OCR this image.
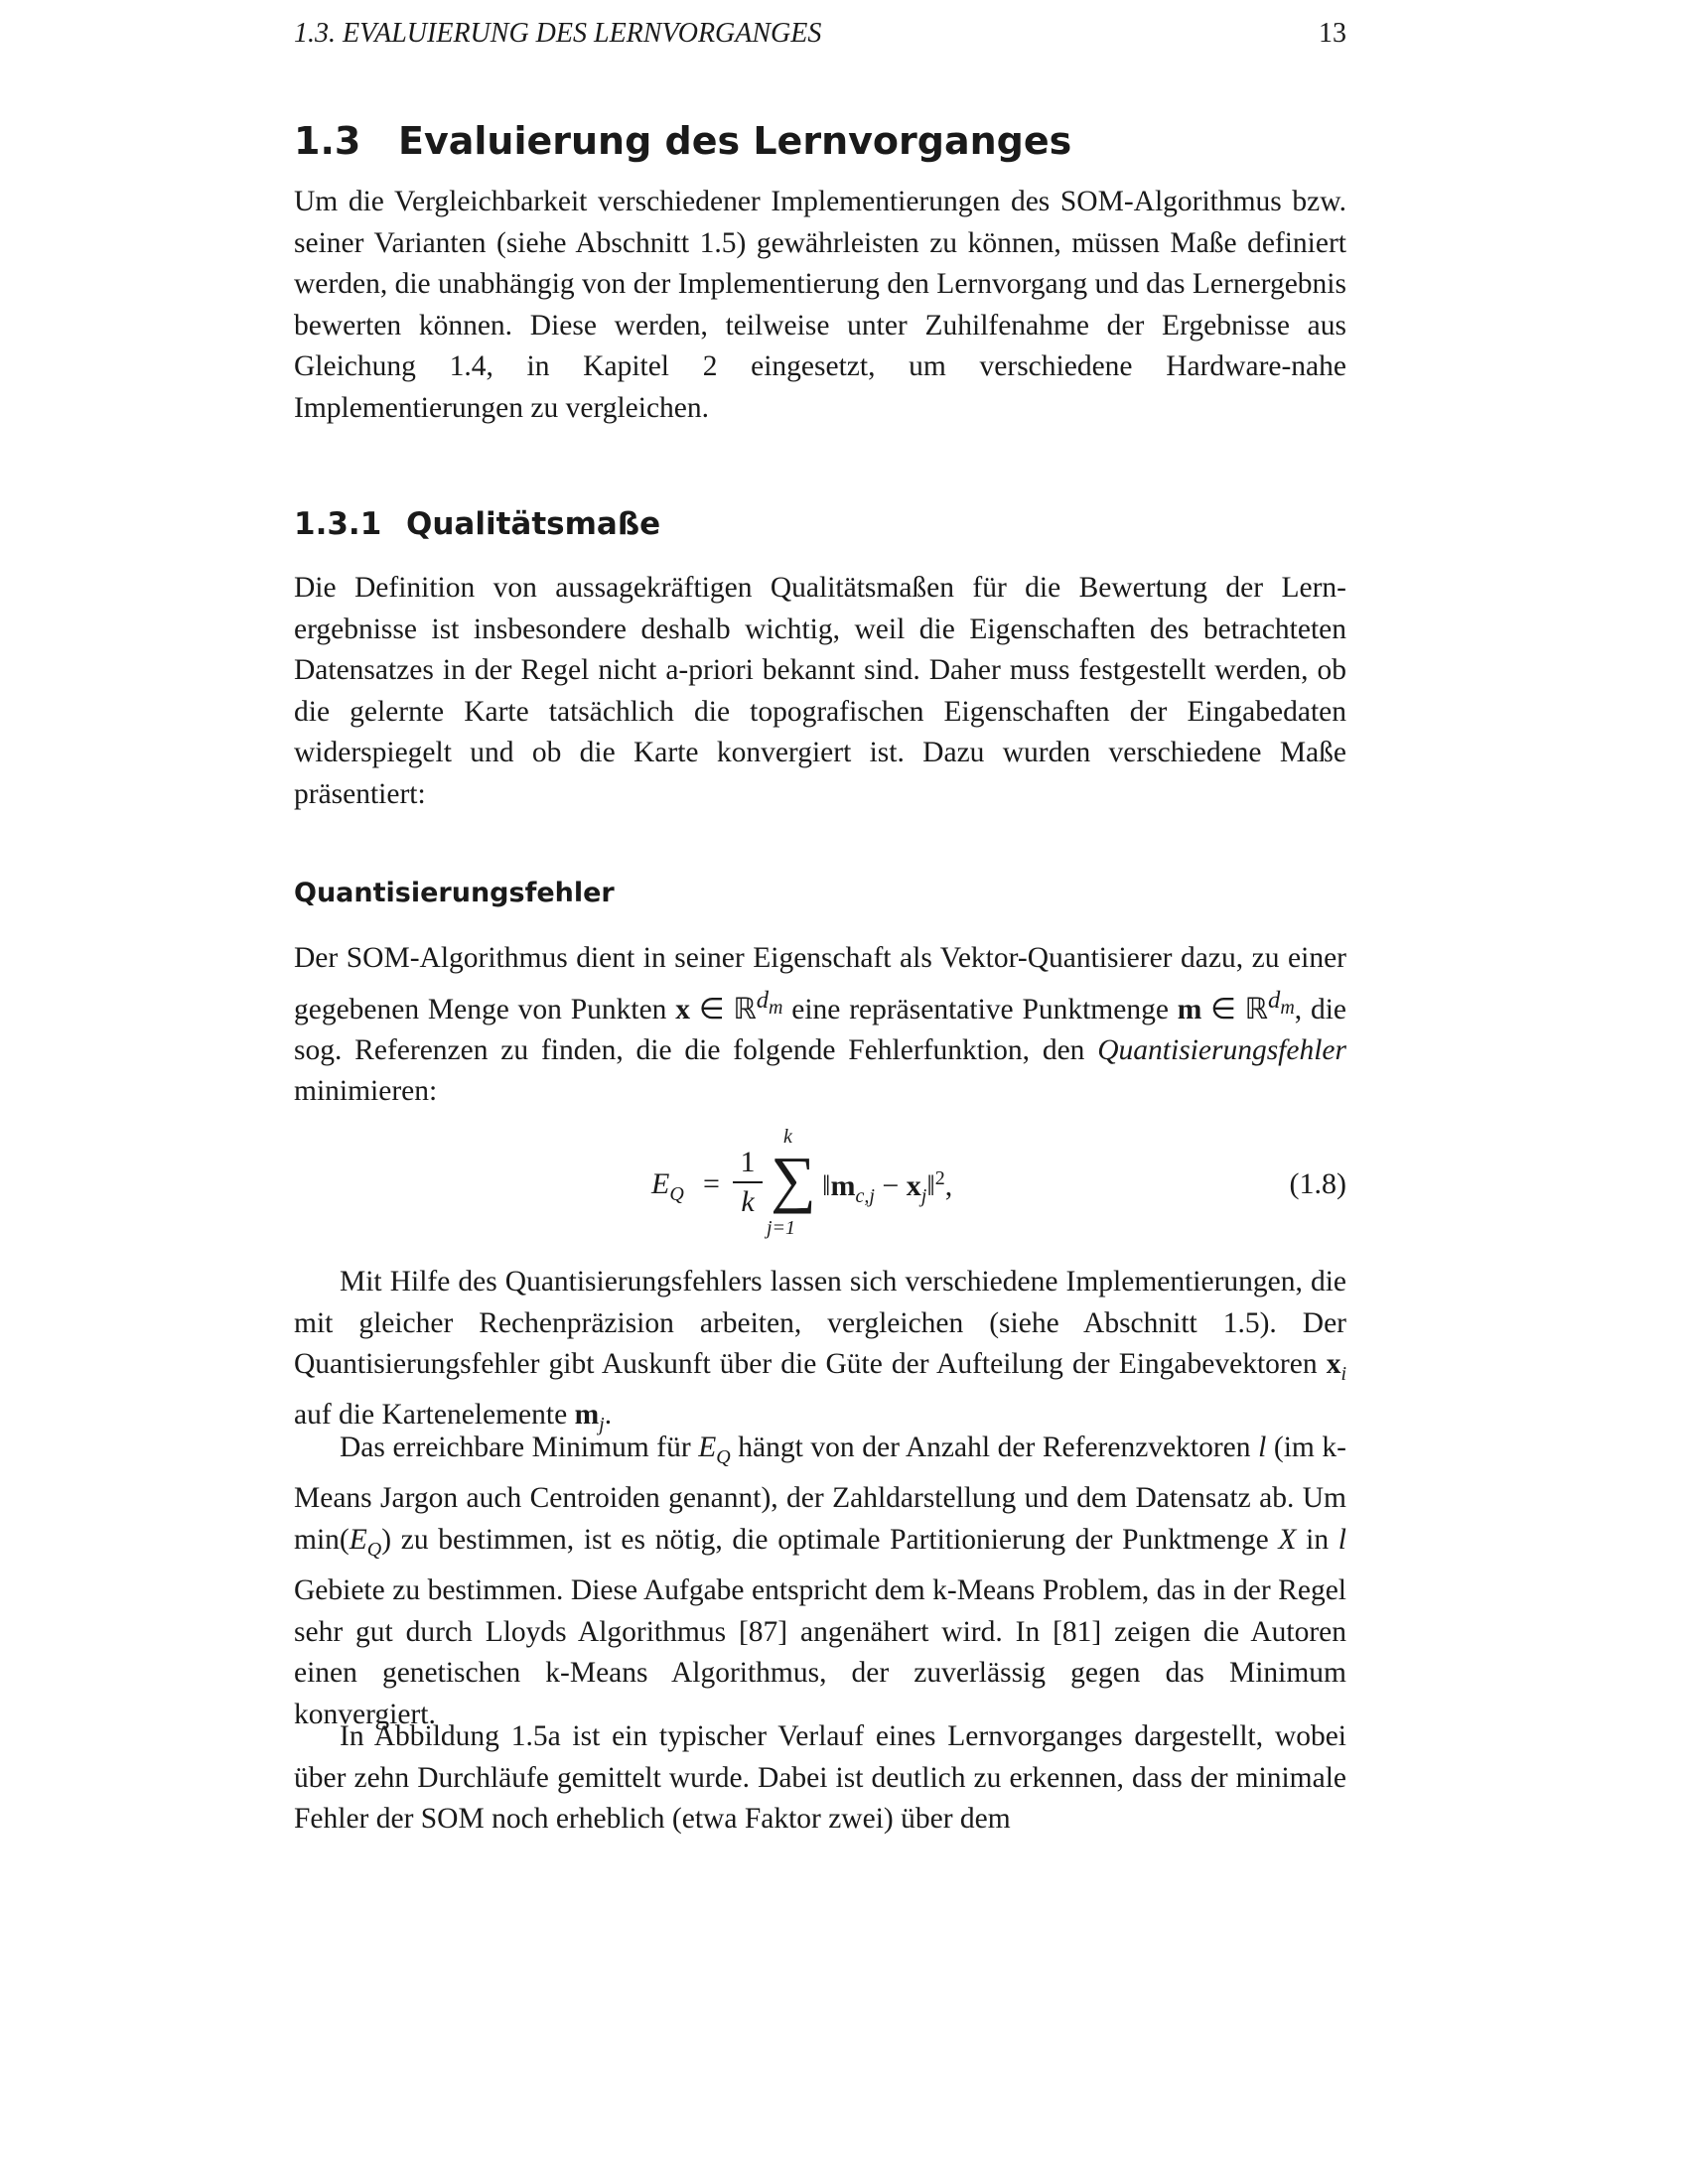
1.3. EVALUIERUNG DES LERNVORGANGES	13
1.3 Evaluierung des Lernvorganges

Um die Vergleichbarkeit verschiedener Implementierungen des SOM-Algorithmus bzw. seiner Varianten (siehe Abschnitt 1.5) gewährleisten zu können, müssen Maße definiert werden, die unabhängig von der Implementierung den Lernvorgang und das Lernergebnis bewerten können. Diese werden, teilweise unter Zuhilfenahme der Ergebnisse aus Gleichung 1.4, in Kapitel 2 eingesetzt, um verschiedene Hardware-nahe Implementierungen zu vergleichen.

1.3.1 Qualitätsmaße

Die Definition von aussagekräftigen Qualitätsmaßen für die Bewertung der Lernergebnisse ist insbesondere deshalb wichtig, weil die Eigenschaften des betrachteten Datensatzes in der Regel nicht a-priori bekannt sind. Daher muss festgestellt werden, ob die gelernte Karte tatsächlich die topografischen Eigenschaften der Eingabedaten widerspiegelt und ob die Karte konvergiert ist. Dazu wurden verschiedene Maße präsentiert:

Quantisierungsfehler

Der SOM-Algorithmus dient in seiner Eigenschaft als Vektor-Quantisierer dazu, zu einer gegebenen Menge von Punkten x ∈ ℝ$^{d_m}$ eine repräsentative Punktmenge m ∈ ℝ$^{d_m}$, die sog. Referenzen zu finden, die die folgende Fehlerfunktion, den Quantisierungsfehler minimieren:

$E_Q$ =
1
k
k
∑
j=1
$‖m_{c,j}$ − $x_j‖^2$,	(1.8)

Mit Hilfe des Quantisierungsfehlers lassen sich verschiedene Implementierungen, die mit gleicher Rechenpräzision arbeiten, vergleichen (siehe Abschnitt 1.5). Der Quantisierungsfehler gibt Auskunft über die Güte der Aufteilung der Eingabevektoren $x_i$ auf die Kartenelemente $m_j$.

Das erreichbare Minimum für $E_Q$ hängt von der Anzahl der Referenzvektoren l (im k-Means Jargon auch Centroiden genannt), der Zahldarstellung und dem Datensatz ab. Um $\min(E_Q)$ zu bestimmen, ist es nötig, die optimale Partitionierung der Punktmenge X in l Gebiete zu bestimmen. Diese Aufgabe entspricht dem k-Means Problem, das in der Regel sehr gut durch Lloyds Algorithmus [87] angenähert wird. In [81] zeigen die Autoren einen genetischen k-Means Algorithmus, der zuverlässig gegen das Minimum konvergiert.

In Abbildung 1.5a ist ein typischer Verlauf eines Lernvorganges dargestellt, wobei über zehn Durchläufe gemittelt wurde. Dabei ist deutlich zu erkennen, dass der minimale Fehler der SOM noch erheblich (etwa Faktor zwei) über dem
